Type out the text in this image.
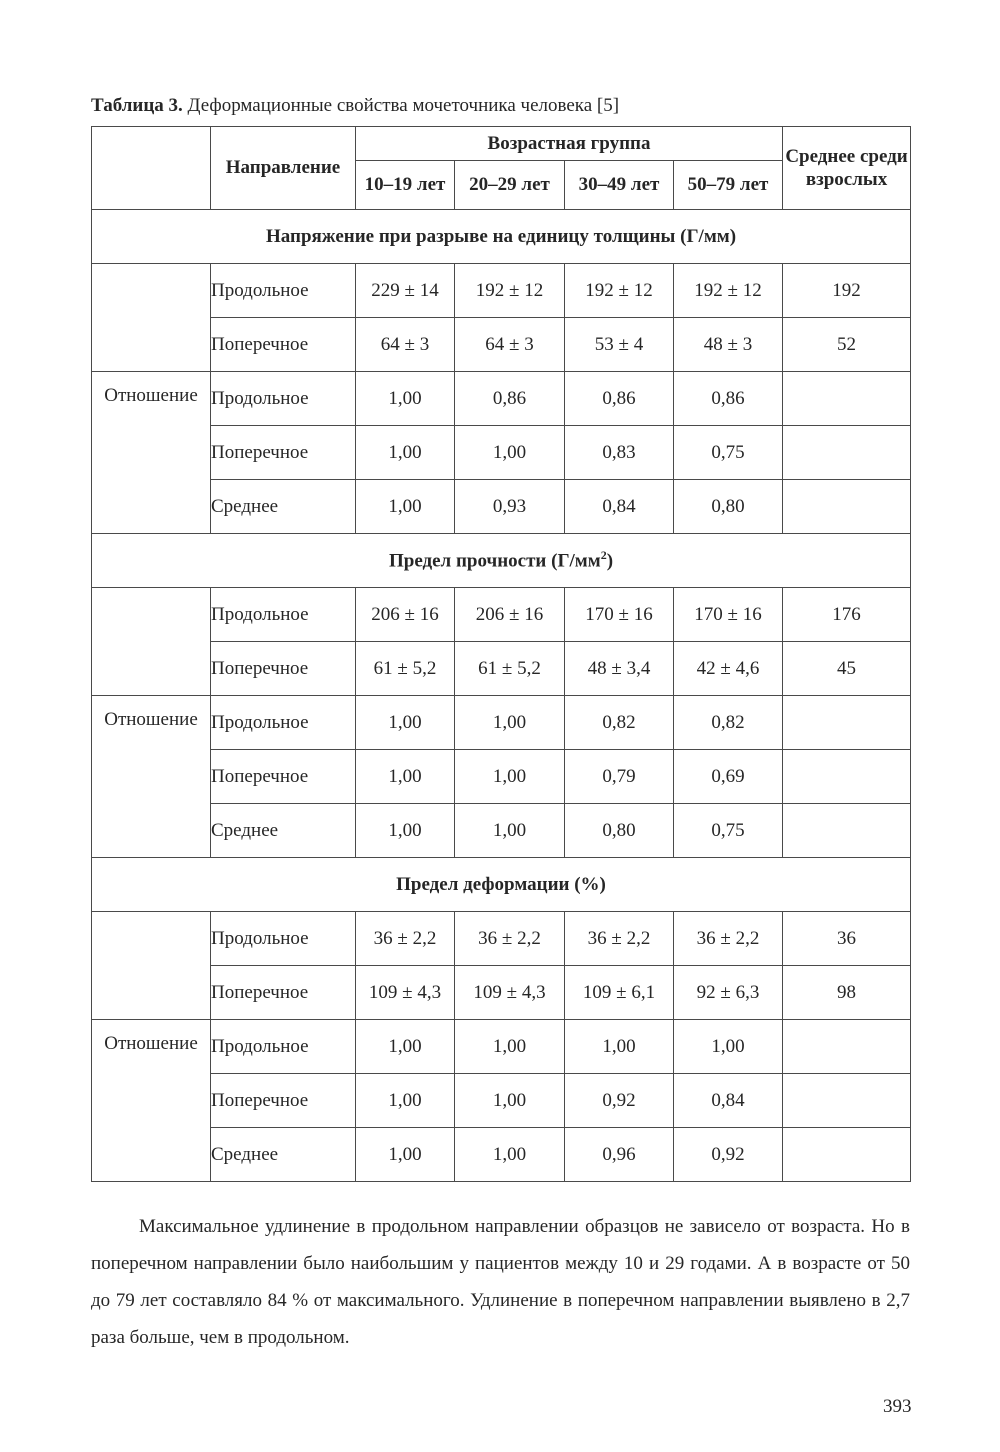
Таблица 3. Деформационные свойства мочеточника человека [5]
	Направление	Возрастная группа				Среднее среди взрослых
		10–19 лет	20–29 лет	30–49 лет	50–79 лет	
Напряжение при разрыве на единицу толщины (Г/мм)						
	Продольное	229 ± 14	192 ± 12	192 ± 12	192 ± 12	192
	Поперечное	64 ± 3	64 ± 3	53 ± 4	48 ± 3	52
Отношение	Продольное	1,00	0,86	0,86	0,86	
	Поперечное	1,00	1,00	0,83	0,75	
	Среднее	1,00	0,93	0,84	0,80	
Предел прочности $(Г/мм^2)$						
	Продольное	206 ± 16	206 ± 16	170 ± 16	170 ± 16	176
	Поперечное	61 ± 5,2	61 ± 5,2	48 ± 3,4	42 ± 4,6	45
Отношение	Продольное	1,00	1,00	0,82	0,82	
	Поперечное	1,00	1,00	0,79	0,69	
	Среднее	1,00	1,00	0,80	0,75	
Предел деформации (%)						
	Продольное	36 ± 2,2	36 ± 2,2	36 ± 2,2	36 ± 2,2	36
	Поперечное	109 ± 4,3	109 ± 4,3	109 ± 6,1	92 ± 6,3	98
Отношение	Продольное	1,00	1,00	1,00	1,00	
	Поперечное	1,00	1,00	0,92	0,84	
	Среднее	1,00	1,00	0,96	0,92	

Максимальное удлинение в продольном направлении образцов не зависело от возраста. Но в поперечном направлении было наибольшим у пациентов между 10 и 29 годами. А в возрасте от 50 до 79 лет составляло 84 % от максимального. Удлинение в поперечном направлении выявлено в 2,7 раза больше, чем в продольном.

393
